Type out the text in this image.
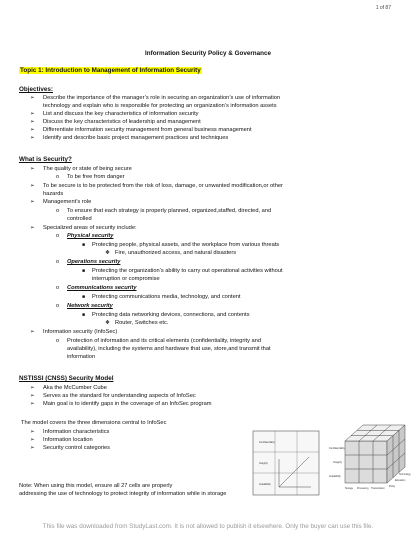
1 of 87
Information Security Policy & Governance
Topic 1: Introduction to Management of Information Security
Objectives:
➢ Describe the importance of the manager’s role in securing an organization’s use of information
technology and explain who is responsible for protecting an organization’s information assets
➢ List and discuss the key characteristics of information security
➢ Discuss the key characteristics of leadership and management
➢ Differentiate information security management from general business management
➢ Identify and describe basic project management practices and techniques
What is Security?
➢ The quality or state of being secure
o To be free from danger
➢ To be secure is to be protected from the risk of loss, damage, or unwanted modification,or other
hazards
➢ Management’s role
o To ensure that each strategy is properly planned, organized,staffed, directed, and
controlled
➢ Specialized areas of security include:
o Physical security
■ Protecting people, physical assets, and the workplace from various threats
❖ Fire, unauthorized access, and natural disasters
o Operations security
■ Protecting the organization’s ability to carry out operational activities without
interruption or compromise
o Communications security
■ Protecting communications media, technology, and content
o Network security
■ Protecting data networking devices, connections, and contents
❖ Router, Switches etc.
➢ Information security (InfoSec)
o Protection of information and its critical elements (confidentiality, integrity and
availability), including the systems and hardware that use, store,and transmit that
information
NSTISSI (CNSS) Security Model
➢ Aka the McCumber Cube
➢ Serves as the standard for understanding aspects of InfoSec
➢ Main goal is to identify gaps in the coverage of an InfoSec program
The model covers the three dimensions central to InfoSec
➢ Information characteristics
➢ Information location
➢ Security control categories
Note: When using this model, ensure all 27 cells are properly
addressing the use of technology to protect integrity of information while in storage
Confidentiality
Integrity
Availability
Confidentiality
Integrity
Availability
Storage	Processing	Transmission
Policy
Education
Technology
This file was downloaded from StudyLast.com. It is not allowed to publish it elsewhere. Only the buyer can use this file.
